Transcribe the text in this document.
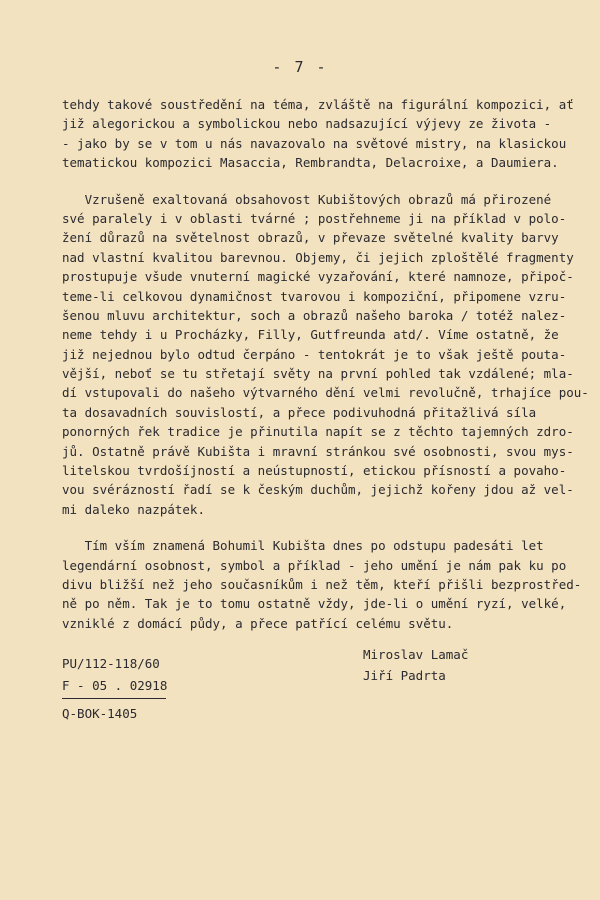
- 7 -
tehdy takové soustředění na téma, zvláště na figurální kompozici, ať
již alegorickou a symbolickou nebo nadsazující výjevy ze života -
- jako by se v tom u nás navazovalo na světové mistry, na klasickou
tematickou kompozici Masaccia, Rembrandta, Delacroixe, a Daumiera.
Vzrušeně exaltovaná obsahovost Kubištových obrazů má přirozené
své paralely i v oblasti tvárné ; postřehneme ji na příklad v polo-
žení důrazů na světelnost obrazů, v převaze světelné kvality barvy
nad vlastní kvalitou barevnou. Objemy, či jejich zploštělé fragmenty
prostupuje všude vnuterní magické vyzařování, které namnoze, připoč-
teme-li celkovou dynamičnost tvarovou i kompoziční, připomene vzru-
šenou mluvu architektur, soch a obrazů našeho baroka / totéž nalez-
neme tehdy i u Procházky, Filly, Gutfreunda atd/. Víme ostatně, že
již nejednou bylo odtud čerpáno - tentokrát je to však ještě pouta-
vější, neboť se tu střetají světy na první pohled tak vzdálené; mla-
dí vstupovali do našeho výtvarného dění velmi revolučně, trhajíce pou-
ta dosavadních souvislostí, a přece podivuhodná přitažlivá síla
ponorných řek tradice je přinutila napít se z těchto tajemných zdro-
jů. Ostatně právě Kubišta i mravní stránkou své osobnosti, svou mys-
litelskou tvrdošíjností a neústupností, etickou přísností a povaho-
vou svérázností řadí se k českým duchům, jejichž kořeny jdou až vel-
mi daleko nazpátek.
Tím vším znamená Bohumil Kubišta dnes po odstupu padesáti let
legendární osobnost, symbol a příklad - jeho umění je nám pak ku po
divu bližší než jeho současníkům i než těm, kteří přišli bezprostřed-
ně po něm. Tak je to tomu ostatně vždy, jde-li o umění ryzí, velké,
vzniklé z domácí půdy, a přece patřící celému světu.
PU/112-118/60
F - 05 . 02918
Q-BOK-1405
Miroslav Lamač
Jiří Padrta
